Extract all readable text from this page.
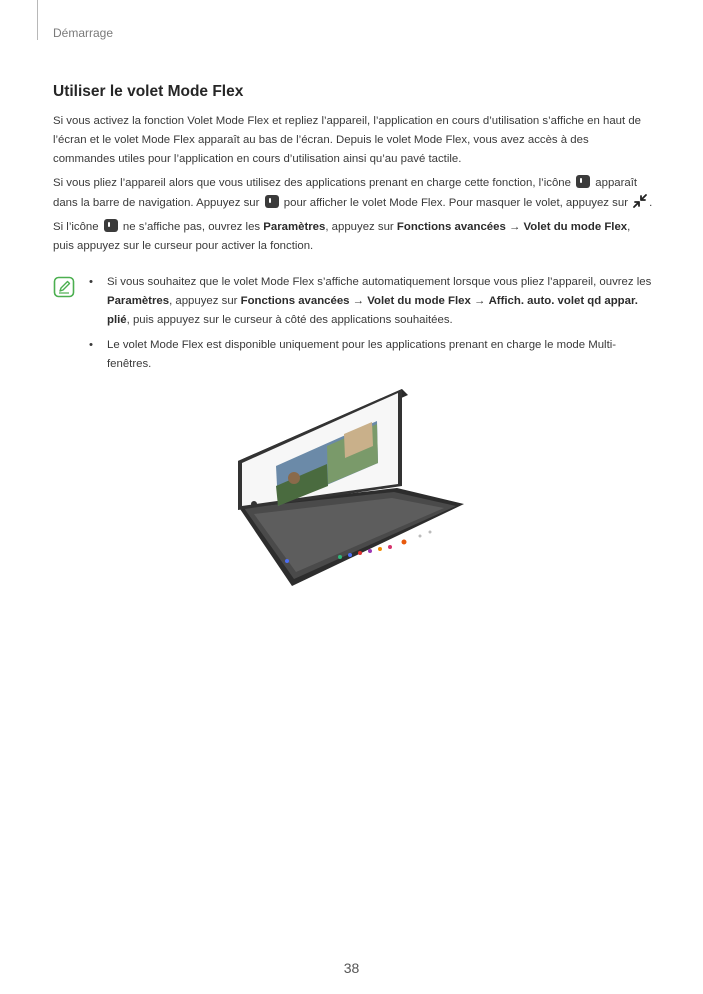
Démarrage
Utiliser le volet Mode Flex

Si vous activez la fonction Volet Mode Flex et repliez l’appareil, l’application en cours d’utilisation s’affiche en haut de l’écran et le volet Mode Flex apparaît au bas de l’écran. Depuis le volet Mode Flex, vous avez accès à des commandes utiles pour l’application en cours d’utilisation ainsi qu’au pavé tactile.

Si vous pliez l’appareil alors que vous utilisez des applications prenant en charge cette fonction, l’icône  apparaît dans la barre de navigation. Appuyez sur  pour afficher le volet Mode Flex. Pour masquer le volet, appuyez sur .

Si l’icône  ne s’affiche pas, ouvrez les Paramètres, appuyez sur Fonctions avancées → Volet du mode Flex, puis appuyez sur le curseur pour activer la fonction.

• Si vous souhaitez que le volet Mode Flex s’affiche automatiquement lorsque vous pliez l’appareil, ouvrez les Paramètres, appuyez sur Fonctions avancées → Volet du mode Flex → Affich. auto. volet qd appar. plié, puis appuyez sur le curseur à côté des applications souhaitées.
• Le volet Mode Flex est disponible uniquement pour les applications prenant en charge le mode Multi-fenêtres.
38
